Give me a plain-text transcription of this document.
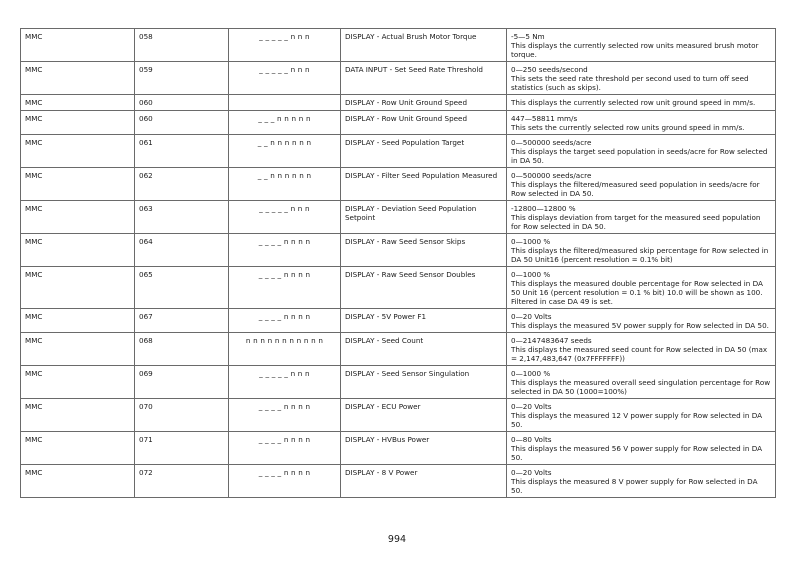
MMC	058	_ _ _ _ _ n n n	DISPLAY - Actual Brush Motor Torque	-5—5 Nm
This displays the currently selected row units measured brush motor torque.

MMC	059	_ _ _ _ _ n n n	DATA INPUT - Set Seed Rate Threshold	0—250 seeds/second
This sets the seed rate threshold per second used to turn off seed statistics (such as skips).

MMC	060		DISPLAY - Row Unit Ground Speed	This displays the currently selected row unit ground speed in mm/s.

MMC	060	_ _ _ n n n n n	DISPLAY - Row Unit Ground Speed	447—58811 mm/s
This sets the currently selected row units ground speed in mm/s.

MMC	061	_ _ n n n n n n	DISPLAY - Seed Population Target	0—500000 seeds/acre
This displays the target seed population in seeds/acre for Row selected in DA 50.

MMC	062	_ _ n n n n n n	DISPLAY - Filter Seed Population Measured	0—500000 seeds/acre
This displays the filtered/measured seed population in seeds/acre for Row selected in DA 50.

MMC	063	_ _ _ _ _ n n n	DISPLAY - Deviation Seed Population Setpoint	-12800—12800 %
This displays deviation from target for the measured seed population for Row selected in DA 50.

MMC	064	_ _ _ _ n n n n	DISPLAY - Raw Seed Sensor Skips	0—1000 %
This displays the filtered/measured skip percentage for Row selected in DA 50 Unit16 (percent resolution = 0.1% bit)

MMC	065	_ _ _ _ n n n n	DISPLAY - Raw Seed Sensor Doubles	0—1000 %
This displays the measured double percentage for Row selected in DA 50 Unit 16 (percent resolution = 0.1 % bit) 10.0 will be shown as 100. Filtered in case DA 49 is set.

MMC	067	_ _ _ _ n n n n	DISPLAY - 5V Power F1	0—20 Volts
This displays the measured 5V power supply for Row selected in DA 50.

MMC	068	n n n n n n n n n n n	DISPLAY - Seed Count	0—2147483647 seeds
This displays the measured seed count for Row selected in DA 50 (max = 2,147,483,647 (0x7FFFFFFF))

MMC	069	_ _ _ _ _ n n n	DISPLAY - Seed Sensor Singulation	0—1000 %
This displays the measured overall seed singulation percentage for Row selected in DA 50 (1000=100%)

MMC	070	_ _ _ _ n n n n	DISPLAY - ECU Power	0—20 Volts
This displays the measured 12 V power supply for Row selected in DA 50.

MMC	071	_ _ _ _ n n n n	DISPLAY - HVBus Power	0—80 Volts
This displays the measured 56 V power supply for Row selected in DA 50.

MMC	072	_ _ _ _ n n n n	DISPLAY - 8 V Power	0—20 Volts
This displays the measured 8 V power supply for Row selected in DA 50.
994
